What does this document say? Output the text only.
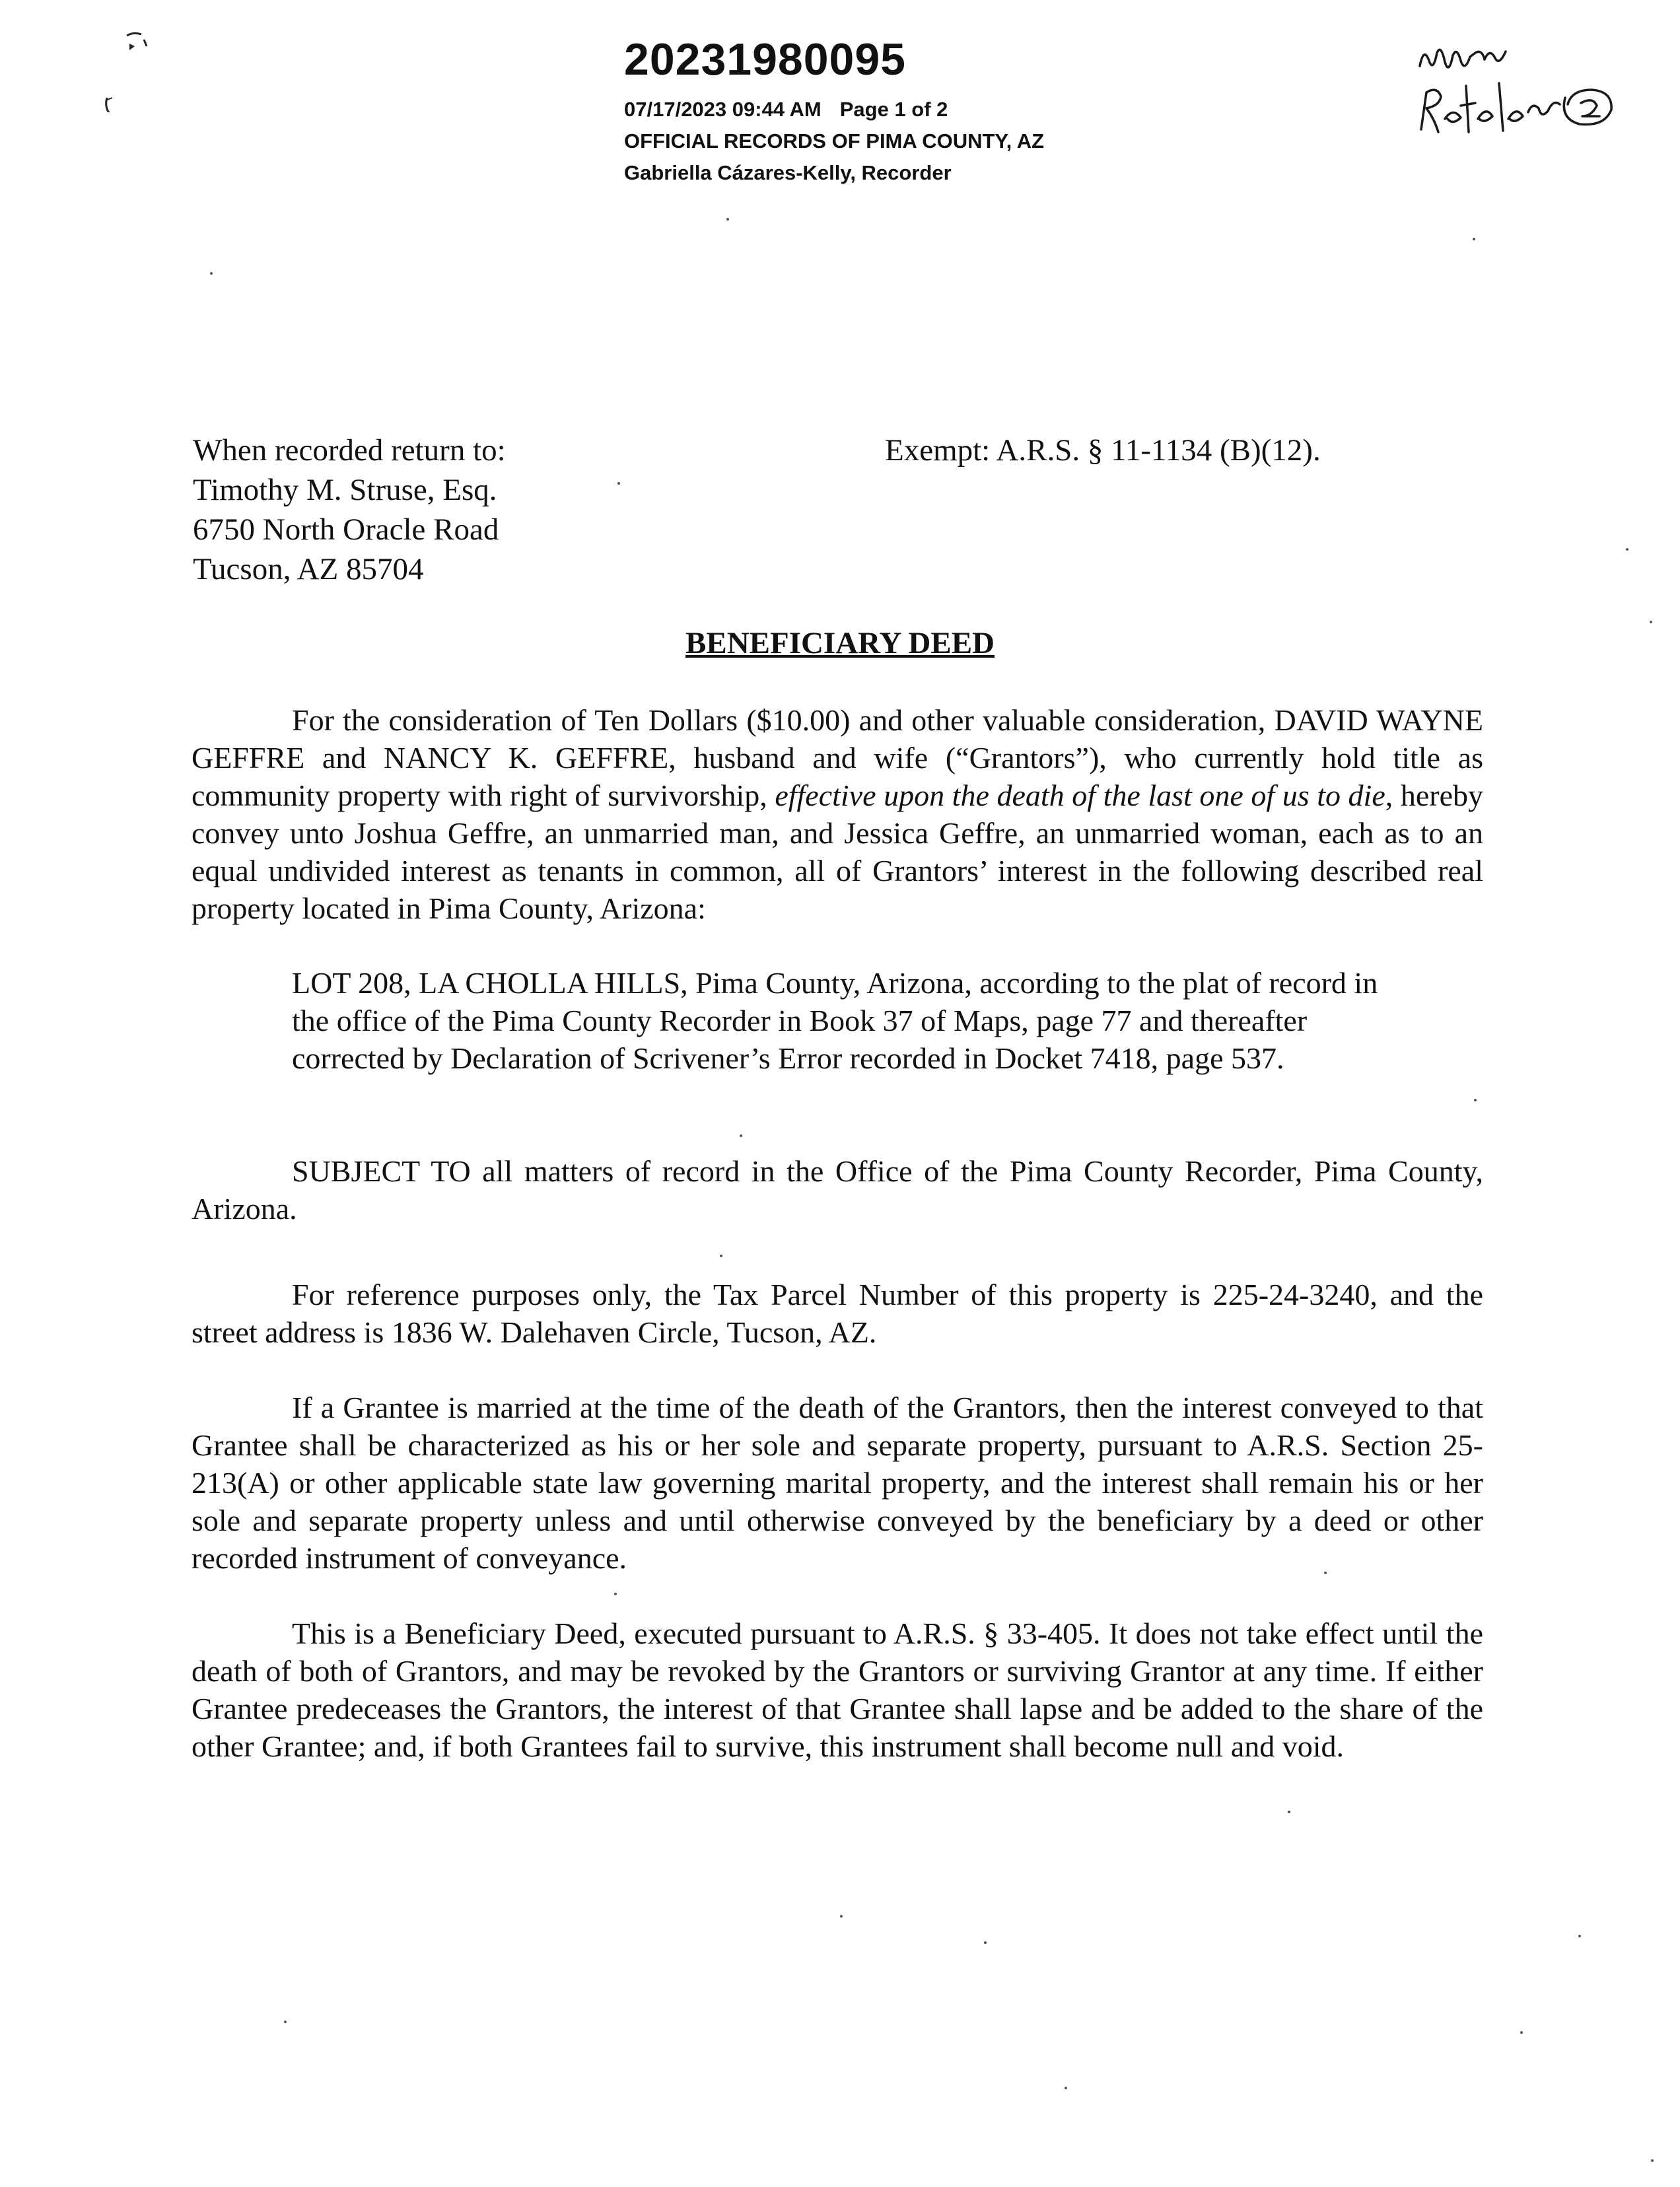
20231980095
07/17/2023 09:44 AM Page 1 of 2
OFFICIAL RECORDS OF PIMA COUNTY, AZ
Gabriella Cázares-Kelly, Recorder
When recorded return to:
Timothy M. Struse, Esq.
6750 North Oracle Road
Tucson, AZ 85704
Exempt: A.R.S. § 11-1134 (B)(12).
BENEFICIARY DEED

For the consideration of Ten Dollars ($10.00) and other valuable consideration, DAVID WAYNE GEFFRE and NANCY K. GEFFRE, husband and wife (“Grantors”), who currently hold title as community property with right of survivorship, effective upon the death of the last one of us to die, hereby convey unto Joshua Geffre, an unmarried man, and Jessica Geffre, an unmarried woman, each as to an equal undivided interest as tenants in common, all of Grantors’ interest in the following described real property located in Pima County, Arizona:

LOT 208, LA CHOLLA HILLS, Pima County, Arizona, according to the plat of record in the office of the Pima County Recorder in Book 37 of Maps, page 77 and thereafter corrected by Declaration of Scrivener’s Error recorded in Docket 7418, page 537.

SUBJECT TO all matters of record in the Office of the Pima County Recorder, Pima County, Arizona.

For reference purposes only, the Tax Parcel Number of this property is 225-24-3240, and the street address is 1836 W. Dalehaven Circle, Tucson, AZ.

If a Grantee is married at the time of the death of the Grantors, then the interest conveyed to that Grantee shall be characterized as his or her sole and separate property, pursuant to A.R.S. Section 25-213(A) or other applicable state law governing marital property, and the interest shall remain his or her sole and separate property unless and until otherwise conveyed by the beneficiary by a deed or other recorded instrument of conveyance.

This is a Beneficiary Deed, executed pursuant to A.R.S. § 33-405. It does not take effect until the death of both of Grantors, and may be revoked by the Grantors or surviving Grantor at any time. If either Grantee predeceases the Grantors, the interest of that Grantee shall lapse and be added to the share of the other Grantee; and, if both Grantees fail to survive, this instrument shall become null and void.
